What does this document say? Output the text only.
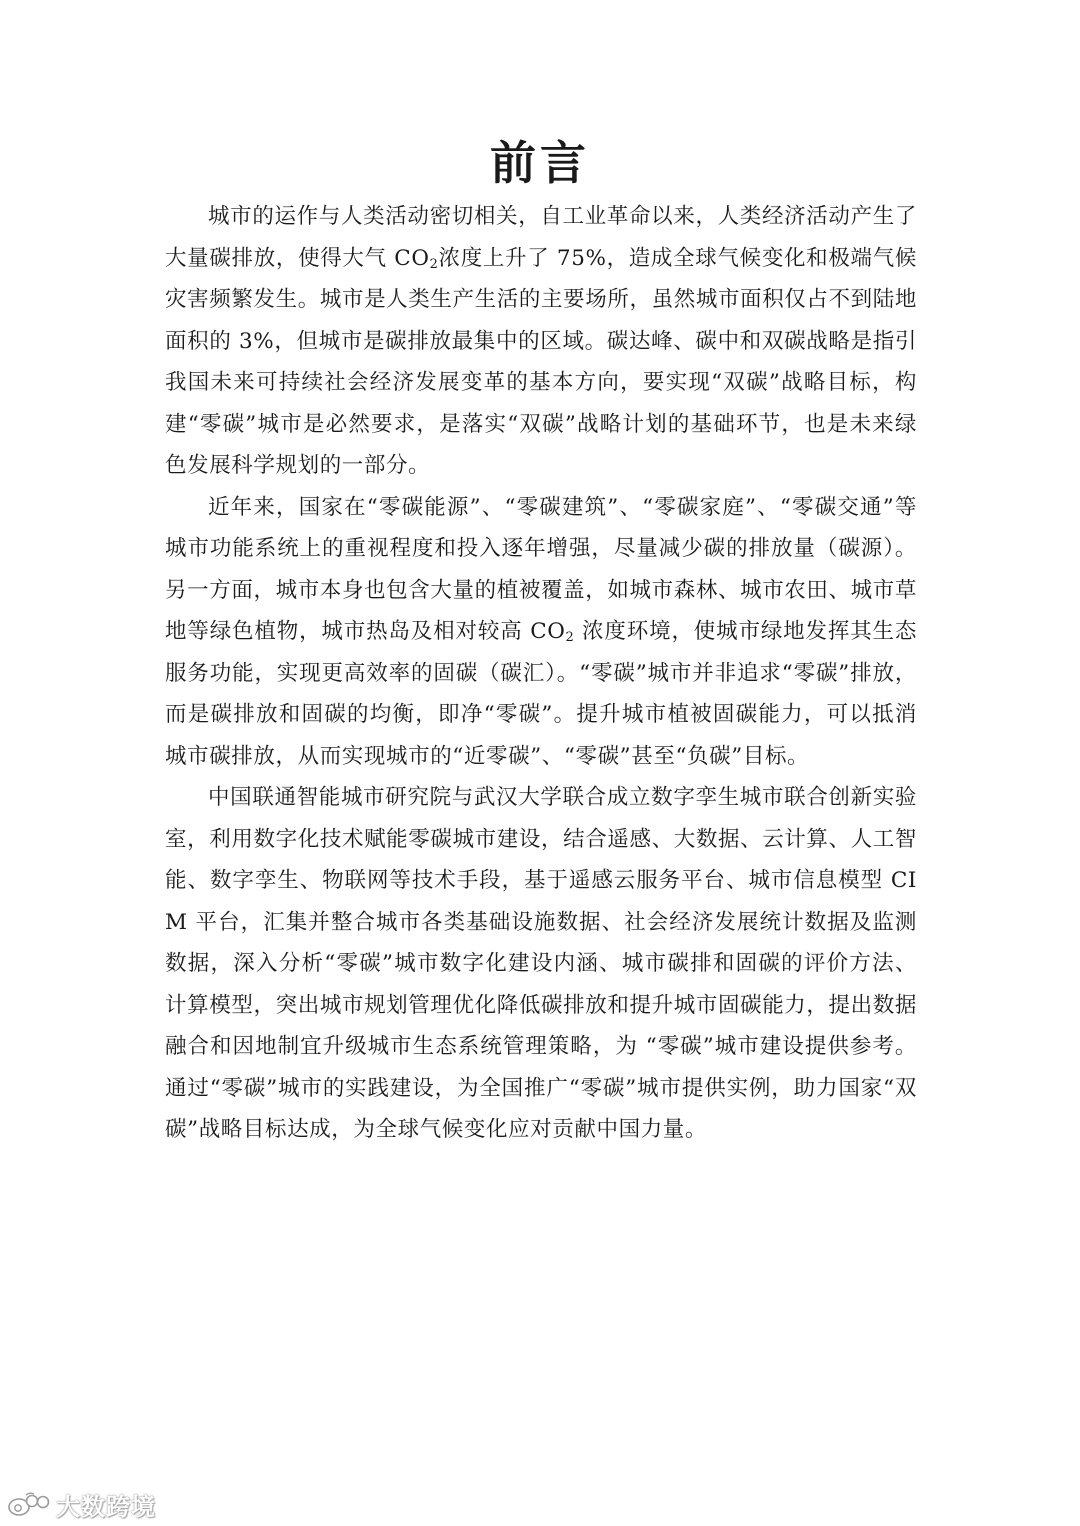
前言

城市的运作与人类活动密切相关，自工业革命以来，人类经济活动产生了大量碳排放，使得大气 $CO_2$浓度上升了 75%，造成全球气候变化和极端气候灾害频繁发生。城市是人类生产生活的主要场所，虽然城市面积仅占不到陆地面积的 3%，但城市是碳排放最集中的区域。碳达峰、碳中和双碳战略是指引我国未来可持续社会经济发展变革的基本方向，要实现“双碳”战略目标，构建“零碳”城市是必然要求，是落实“双碳”战略计划的基础环节，也是未来绿色发展科学规划的一部分。

近年来，国家在“零碳能源”、“零碳建筑”、“零碳家庭”、“零碳交通”等城市功能系统上的重视程度和投入逐年增强，尽量减少碳的排放量（碳源）。另一方面，城市本身也包含大量的植被覆盖，如城市森林、城市农田、城市草地等绿色植物，城市热岛及相对较高 $CO_2$ 浓度环境，使城市绿地发挥其生态服务功能，实现更高效率的固碳（碳汇）。“零碳”城市并非追求“零碳”排放，而是碳排放和固碳的均衡，即净“零碳”。提升城市植被固碳能力，可以抵消城市碳排放，从而实现城市的“近零碳”、“零碳”甚至“负碳”目标。

中国联通智能城市研究院与武汉大学联合成立数字孪生城市联合创新实验室，利用数字化技术赋能零碳城市建设，结合遥感、大数据、云计算、人工智能、数字孪生、物联网等技术手段，基于遥感云服务平台、城市信息模型 CIM 平台，汇集并整合城市各类基础设施数据、社会经济发展统计数据及监测数据，深入分析“零碳”城市数字化建设内涵、城市碳排和固碳的评价方法、计算模型，突出城市规划管理优化降低碳排放和提升城市固碳能力，提出数据融合和因地制宜升级城市生态系统管理策略，为 “零碳”城市建设提供参考。通过“零碳”城市的实践建设，为全国推广“零碳”城市提供实例，助力国家“双碳”战略目标达成，为全球气候变化应对贡献中国力量。

大数跨境
